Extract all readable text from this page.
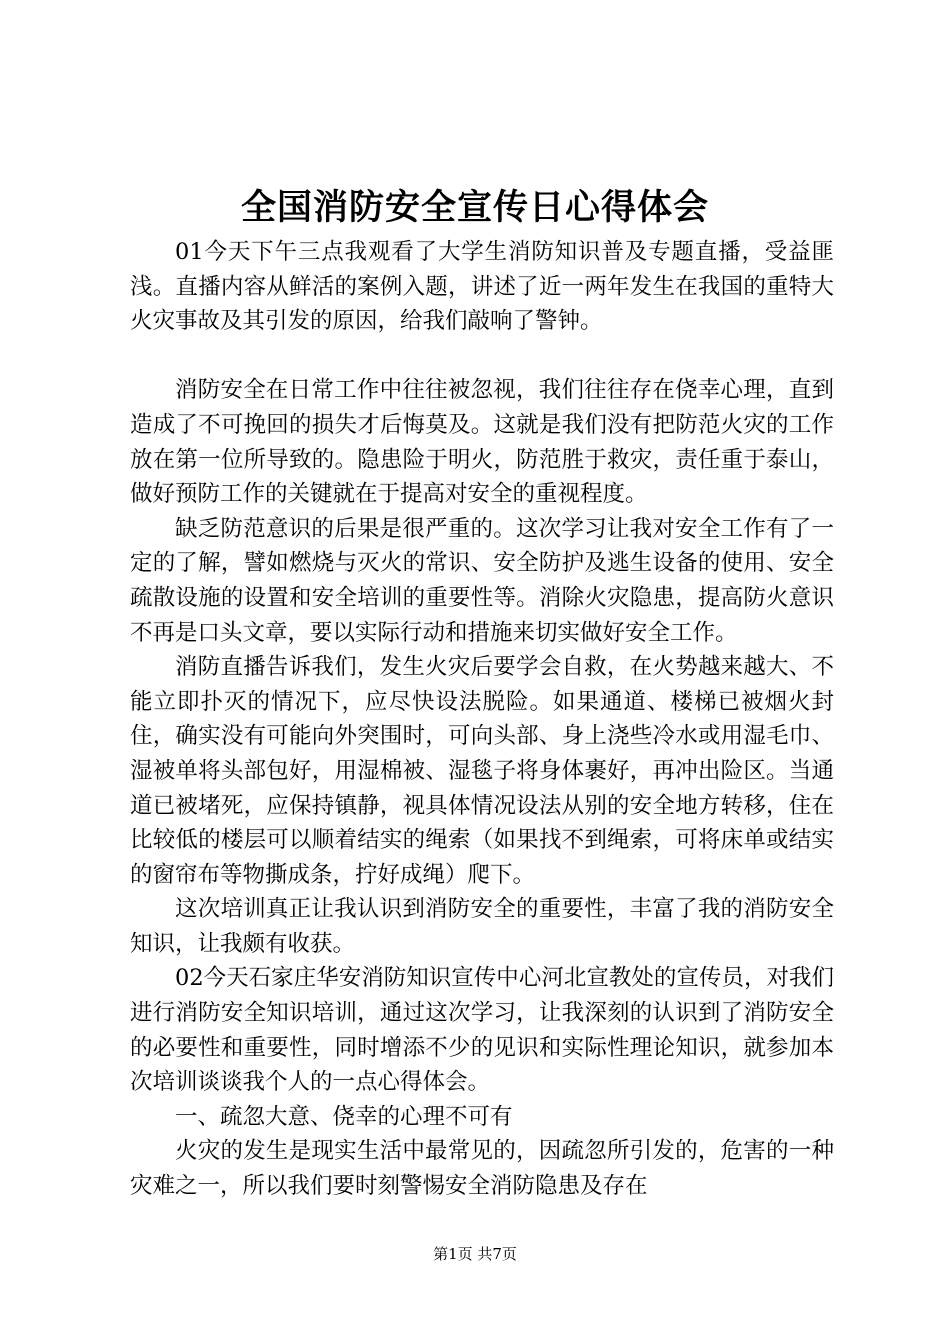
全国消防安全宣传日心得体会

01今天下午三点我观看了大学生消防知识普及专题直播，受益匪浅。直播内容从鲜活的案例入题，讲述了近一两年发生在我国的重特大火灾事故及其引发的原因，给我们敲响了警钟。

消防安全在日常工作中往往被忽视，我们往往存在侥幸心理，直到造成了不可挽回的损失才后悔莫及。这就是我们没有把防范火灾的工作放在第一位所导致的。隐患险于明火，防范胜于救灾，责任重于泰山，做好预防工作的关键就在于提高对安全的重视程度。

缺乏防范意识的后果是很严重的。这次学习让我对安全工作有了一定的了解，譬如燃烧与灭火的常识、安全防护及逃生设备的使用、安全疏散设施的设置和安全培训的重要性等。消除火灾隐患，提高防火意识不再是口头文章，要以实际行动和措施来切实做好安全工作。

消防直播告诉我们，发生火灾后要学会自救，在火势越来越大、不能立即扑灭的情况下，应尽快设法脱险。如果通道、楼梯已被烟火封住，确实没有可能向外突围时，可向头部、身上浇些冷水或用湿毛巾、湿被单将头部包好，用湿棉被、湿毯子将身体裹好，再冲出险区。当通道已被堵死，应保持镇静，视具体情况设法从别的安全地方转移，住在比较低的楼层可以顺着结实的绳索（如果找不到绳索，可将床单或结实的窗帘布等物撕成条，拧好成绳）爬下。

这次培训真正让我认识到消防安全的重要性，丰富了我的消防安全知识，让我颇有收获。

02今天石家庄华安消防知识宣传中心河北宣教处的宣传员，对我们进行消防安全知识培训，通过这次学习，让我深刻的认识到了消防安全的必要性和重要性，同时增添不少的见识和实际性理论知识，就参加本次培训谈谈我个人的一点心得体会。

一、疏忽大意、侥幸的心理不可有

火灾的发生是现实生活中最常见的，因疏忽所引发的，危害的一种灾难之一，所以我们要时刻警惕安全消防隐患及存在

第1页 共7页
